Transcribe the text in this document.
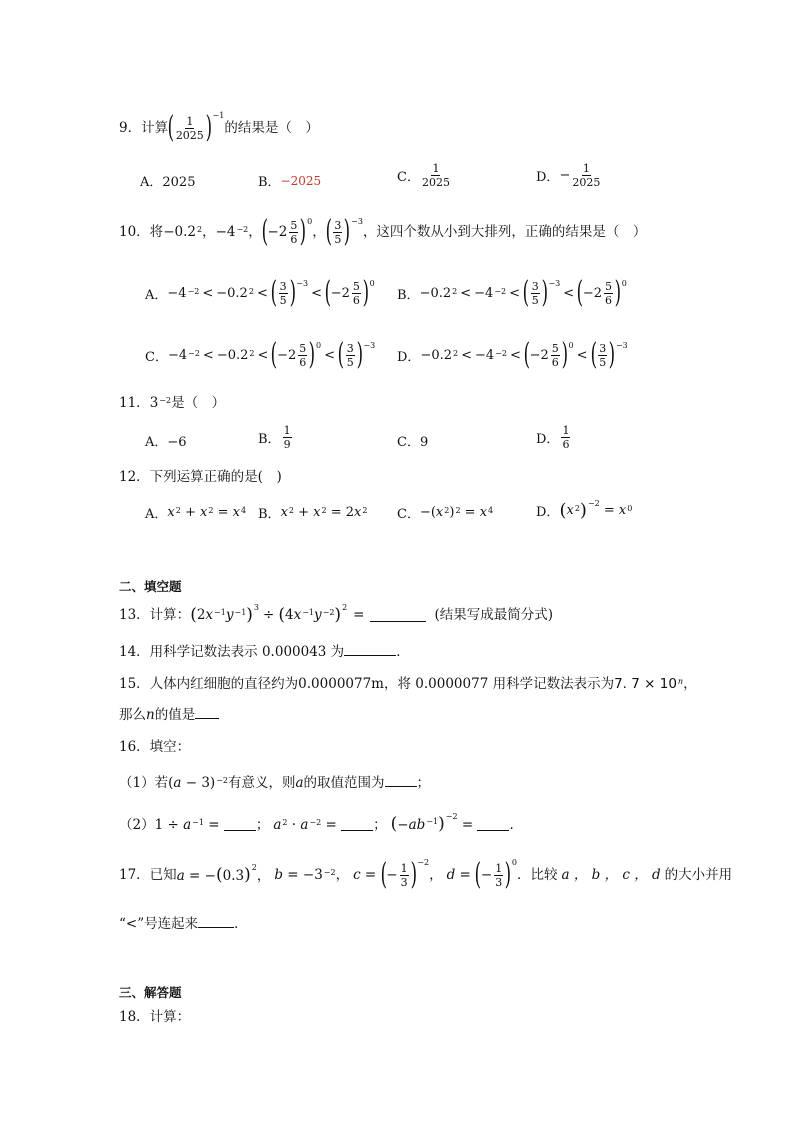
9．计算 ( $\frac{1}{2025}$ ) −1
的结果是（　）
A．2025	B． −2025	C． $\frac{1}{2025}$	D． − $\frac{1}{2025}$
10．将 −0.2 2 ， −4 −2 ， ( $-2 \frac{5}{6}$ ) 0
， ( $\frac{3}{5}$ ) −3
，这四个数从小到大排列，正确的结果是（　）
A． −4 −2 < −0.2 2 < ( $\frac{3}{5}$ ) −3
< ( $-2 \frac{5}{6}$ ) 0
B． −0.2 2 < −4 −2 < ( $\frac{3}{5}$ ) −3
< ( $-2 \frac{5}{6}$ ) 0
C． −4 −2 < −0.2 2 < ( $-2 \frac{5}{6}$ ) 0
< ( $\frac{3}{5}$ ) −3
D． −0.2 2 < −4 −2 < ( $-2 \frac{5}{6}$ ) 0
< ( $\frac{3}{5}$ ) −3
11．$3^{-2}$是（　）
A．−6	B． $\frac{1}{9}$	C．9	D． $\frac{1}{6}$
12．下列运算正确的是(　)
A． x 2 + x 2 = x 4 B． x 2 + x 2 = 2 x 2 C． −( x 2 ) 2 = x 4	D． ( x 2 ) −2 = x 0
二、填空题
13．计算： ( $2x^{-1}y^{-1}$ ) 3 ÷ ( $4x^{-1}y^{-2}$ ) 2 =	(结果写成最简分式)
14．用科学记数法表示 0.000043 为	．
15．人体内红细胞的直径约为0.0000077m，将 0.0000077 用科学记数法表示为7. $7 \times 10^n$，
那么n的值是
16．填空：
（1）若$(a - 3)^{-2}$有意义，则a的取值范围为 ；
（2） $1 \div a^{-1}$ = ； $a^2 \cdot a^{-2}$ = ； $(-ab^{-1})^{-2}$ = ．
17．已知 $a = -(0.3)^2$， $b = -3^{-2}$， c = ( − $\frac{1}{3}$ ) −2
， d = ( − $\frac{1}{3}$ ) 0
．比较 a ， b ， c ， d 的大小并用
“<”号连起来	．
三、解答题
18．计算：
